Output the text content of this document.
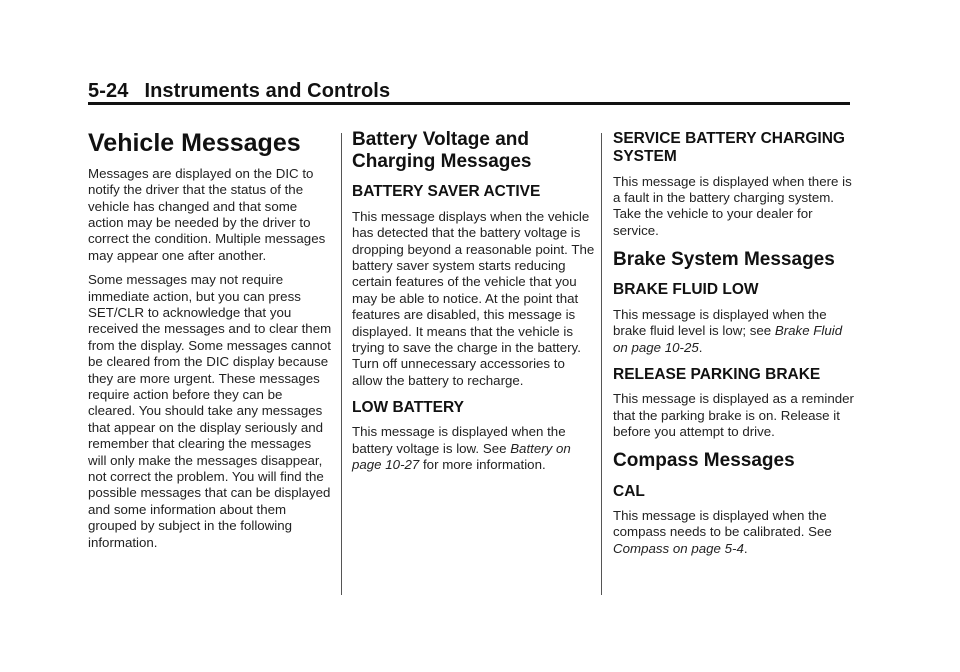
5-24 Instruments and Controls
Vehicle Messages

Messages are displayed on the DIC to notify the driver that the status of the vehicle has changed and that some action may be needed by the driver to correct the condition. Multiple messages may appear one after another.

Some messages may not require immediate action, but you can press SET/CLR to acknowledge that you received the messages and to clear them from the display. Some messages cannot be cleared from the DIC display because they are more urgent. These messages require action before they can be cleared. You should take any messages that appear on the display seriously and remember that clearing the messages will only make the messages disappear, not correct the problem. You will find the possible messages that can be displayed and some information about them grouped by subject in the following information.

Battery Voltage and Charging Messages
BATTERY SAVER ACTIVE

This message displays when the vehicle has detected that the battery voltage is dropping beyond a reasonable point. The battery saver system starts reducing certain features of the vehicle that you may be able to notice. At the point that features are disabled, this message is displayed. It means that the vehicle is trying to save the charge in the battery. Turn off unnecessary accessories to allow the battery to recharge.

LOW BATTERY

This message is displayed when the battery voltage is low. See Battery on page 10-27 for more information.

SERVICE BATTERY CHARGING SYSTEM

This message is displayed when there is a fault in the battery charging system. Take the vehicle to your dealer for service.

Brake System Messages
BRAKE FLUID LOW

This message is displayed when the brake fluid level is low; see Brake Fluid on page 10-25.

RELEASE PARKING BRAKE

This message is displayed as a reminder that the parking brake is on. Release it before you attempt to drive.

Compass Messages
CAL

This message is displayed when the compass needs to be calibrated. See Compass on page 5-4.
